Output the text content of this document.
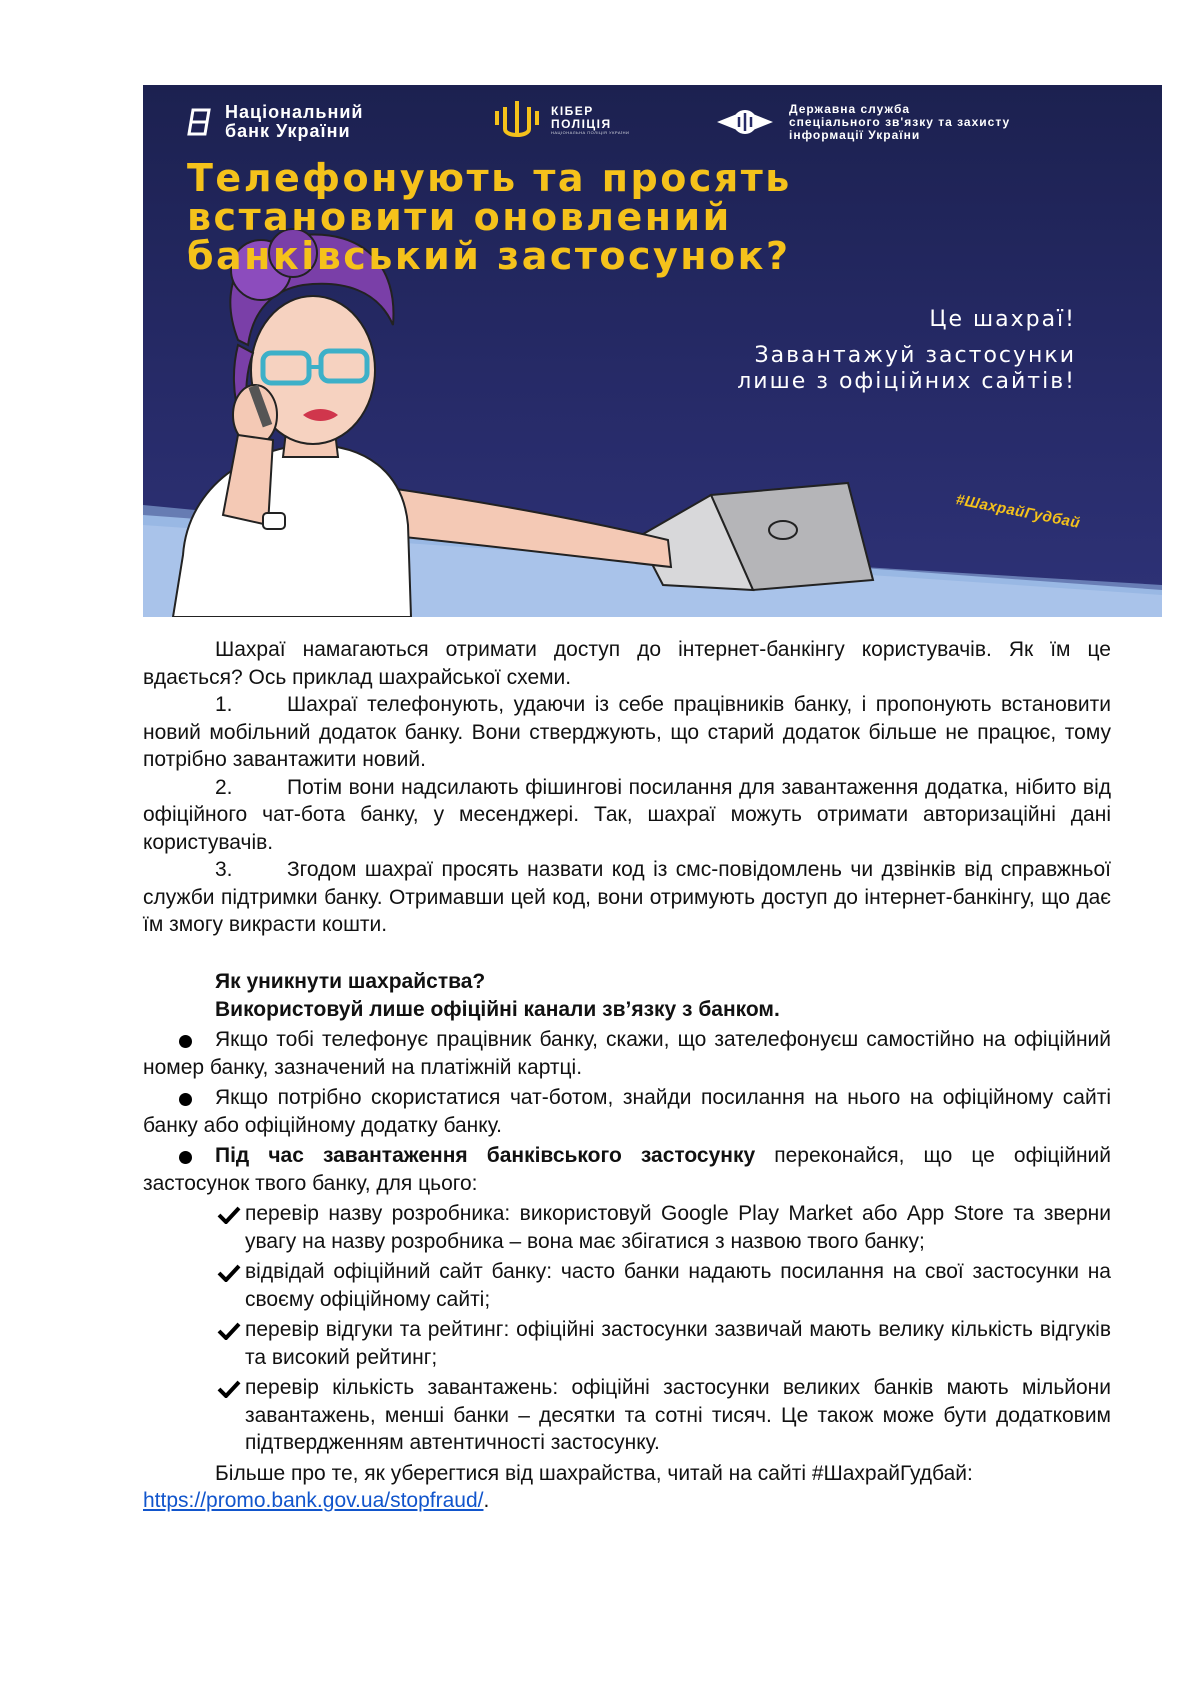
Національний
банк України
КІБЕР
ПОЛІЦІЯ
НАЦІОНАЛЬНА ПОЛІЦІЯ УКРАЇНИ
Державна служба
спеціального зв'язку та захисту
інформації України
Телефонують та просять
встановити оновлений
банківський застосунок?

Це шахраї!

Завантажуй застосунки
лише з офіційних сайтів!

#ШахрайГудбай

Шахраї намагаються отримати доступ до інтернет-банкінгу користувачів. Як їм це вдається? Ось приклад шахрайської схеми.

1.	Шахраї телефонують, удаючи із себе працівників банку, і пропонують встановити новий мобільний додаток банку. Вони стверджують, що старий додаток більше не працює, тому потрібно завантажити новий.

2.	Потім вони надсилають фішингові посилання для завантаження додатка, нібито від офіційного чат-бота банку, у месенджері. Так, шахраї можуть отримати авторизаційні дані користувачів.

3.	Згодом шахраї просять назвати код із смс-повідомлень чи дзвінків від справжньої служби підтримки банку. Отримавши цей код, вони отримують доступ до інтернет-банкінгу, що дає їм змогу викрасти кошти.

Як уникнути шахрайства?

Використовуй лише офіційні канали зв’язку з банком.

Якщо тобі телефонує працівник банку, скажи, що зателефонуєш самостійно на офіційний номер банку, зазначений на платіжній картці.

Якщо потрібно скористатися чат-ботом, знайди посилання на нього на офіційному сайті банку або офіційному додатку банку.

Під час завантаження банківського застосунку переконайся, що це офіційний застосунок твого банку, для цього:

перевір назву розробника: використовуй Google Play Market або App Store та зверни увагу на назву розробника – вона має збігатися з назвою твого банку;

відвідай офіційний сайт банку: часто банки надають посилання на свої застосунки на своєму офіційному сайті;

перевір відгуки та рейтинг: офіційні застосунки зазвичай мають велику кількість відгуків та високий рейтинг;

перевір кількість завантажень: офіційні застосунки великих банків мають мільйони завантажень, менші банки – десятки та сотні тисяч. Це також може бути додатковим підтвердженням автентичності застосунку.

Більше про те, як уберегтися від шахрайства, читай на сайті #ШахрайГудбай: https://promo.bank.gov.ua/stopfraud/.
